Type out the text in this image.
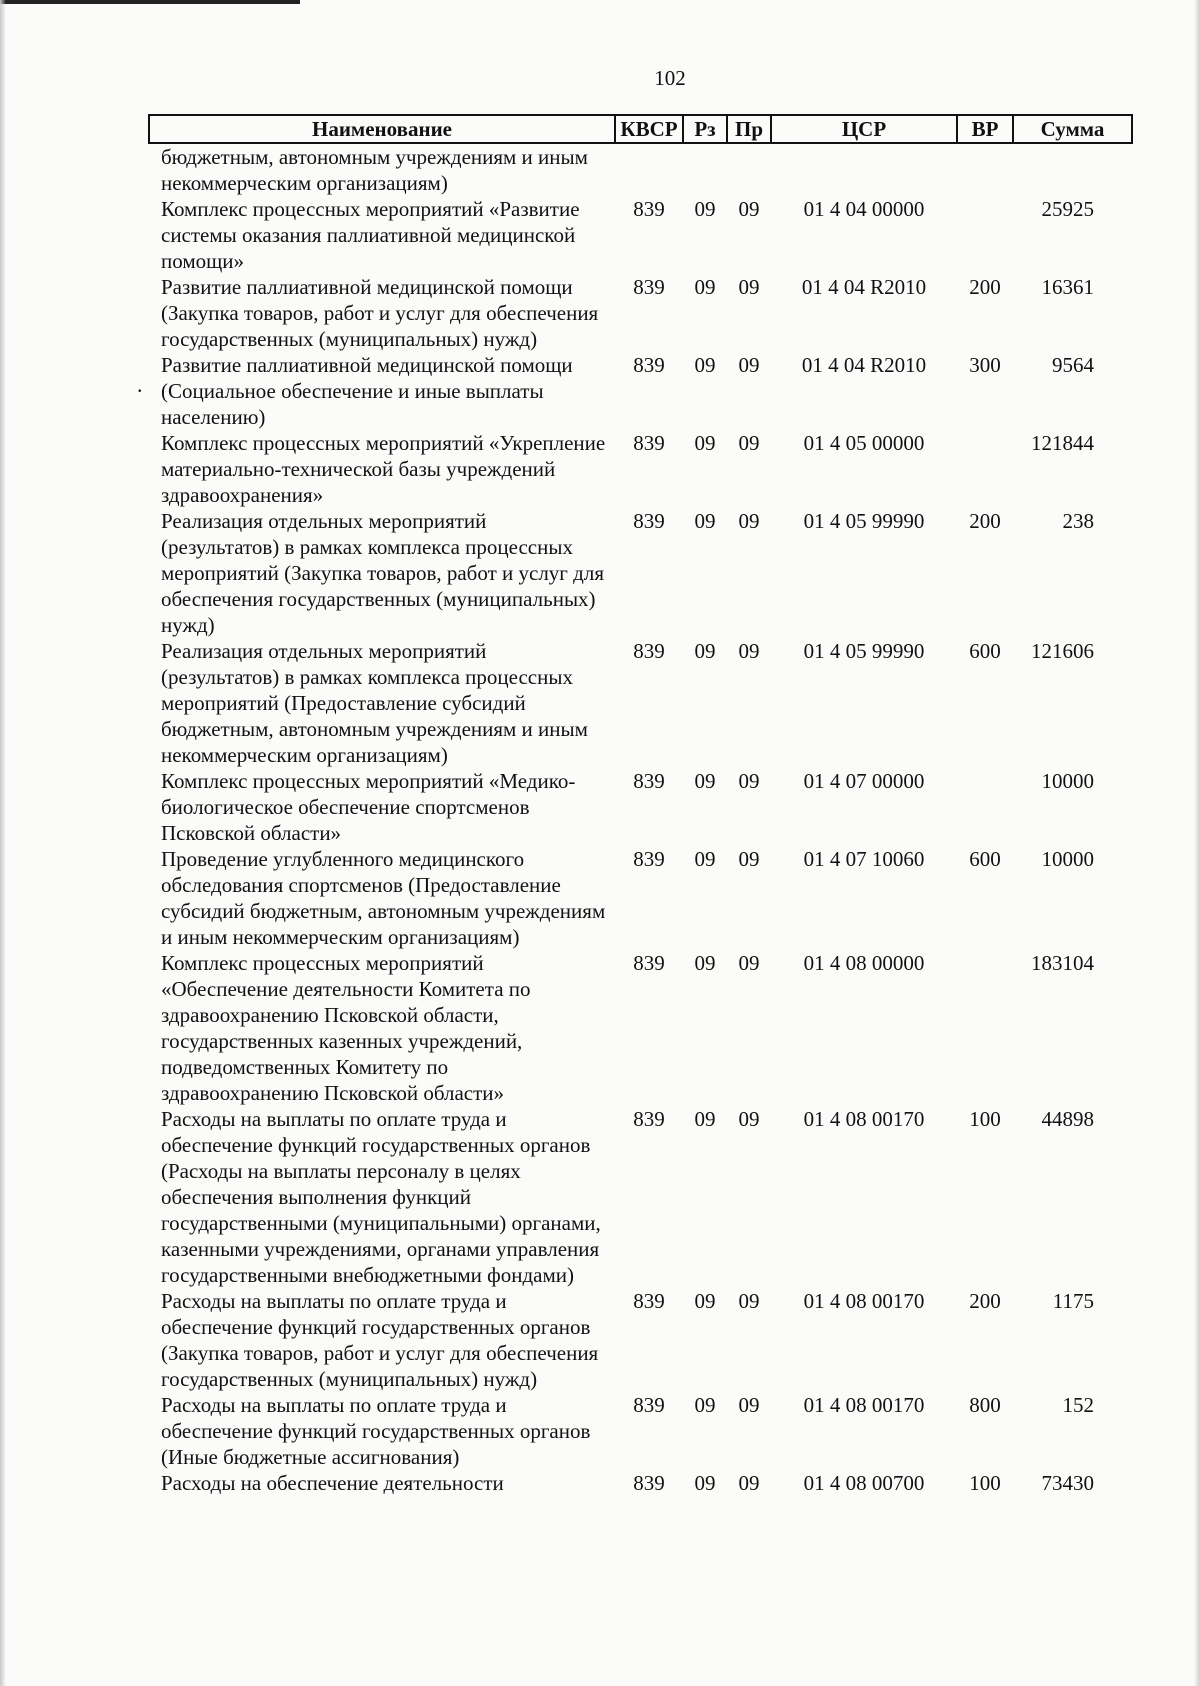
102
.
Наименование	КВСР	Рз	Пр	ЦСР	ВР	Сумма
бюджетным, автономным учреждениям и иным некоммерческим организациям)						
Комплекс процессных мероприятий «Развитие системы оказания паллиативной медицинской помощи»	839	09	09	01 4 04 00000		25925
Развитие паллиативной медицинской помощи (Закупка товаров, работ и услуг для обеспечения государственных (муниципальных) нужд)	839	09	09	01 4 04 R2010	200	16361
Развитие паллиативной медицинской помощи (Социальное обеспечение и иные выплаты населению)	839	09	09	01 4 04 R2010	300	9564
Комплекс процессных мероприятий «Укрепление материально-технической базы учреждений здравоохранения»	839	09	09	01 4 05 00000		121844
Реализация отдельных мероприятий (результатов) в рамках комплекса процессных мероприятий (Закупка товаров, работ и услуг для обеспечения государственных (муниципальных) нужд)	839	09	09	01 4 05 99990	200	238
Реализация отдельных мероприятий (результатов) в рамках комплекса процессных мероприятий (Предоставление субсидий бюджетным, автономным учреждениям и иным некоммерческим организациям)	839	09	09	01 4 05 99990	600	121606
Комплекс процессных мероприятий «Медико-биологическое обеспечение спортсменов Псковской области»	839	09	09	01 4 07 00000		10000
Проведение углубленного медицинского обследования спортсменов (Предоставление субсидий бюджетным, автономным учреждениям и иным некоммерческим организациям)	839	09	09	01 4 07 10060	600	10000
Комплекс процессных мероприятий «Обеспечение деятельности Комитета по здравоохранению Псковской области, государственных казенных учреждений, подведомственных Комитету по здравоохранению Псковской области»	839	09	09	01 4 08 00000		183104
Расходы на выплаты по оплате труда и обеспечение функций государственных органов (Расходы на выплаты персоналу в целях обеспечения выполнения функций государственными (муниципальными) органами, казенными учреждениями, органами управления государственными внебюджетными фондами)	839	09	09	01 4 08 00170	100	44898
Расходы на выплаты по оплате труда и обеспечение функций государственных органов (Закупка товаров, работ и услуг для обеспечения государственных (муниципальных) нужд)	839	09	09	01 4 08 00170	200	1175
Расходы на выплаты по оплате труда и обеспечение функций государственных органов (Иные бюджетные ассигнования)	839	09	09	01 4 08 00170	800	152
Расходы на обеспечение деятельности	839	09	09	01 4 08 00700	100	73430
